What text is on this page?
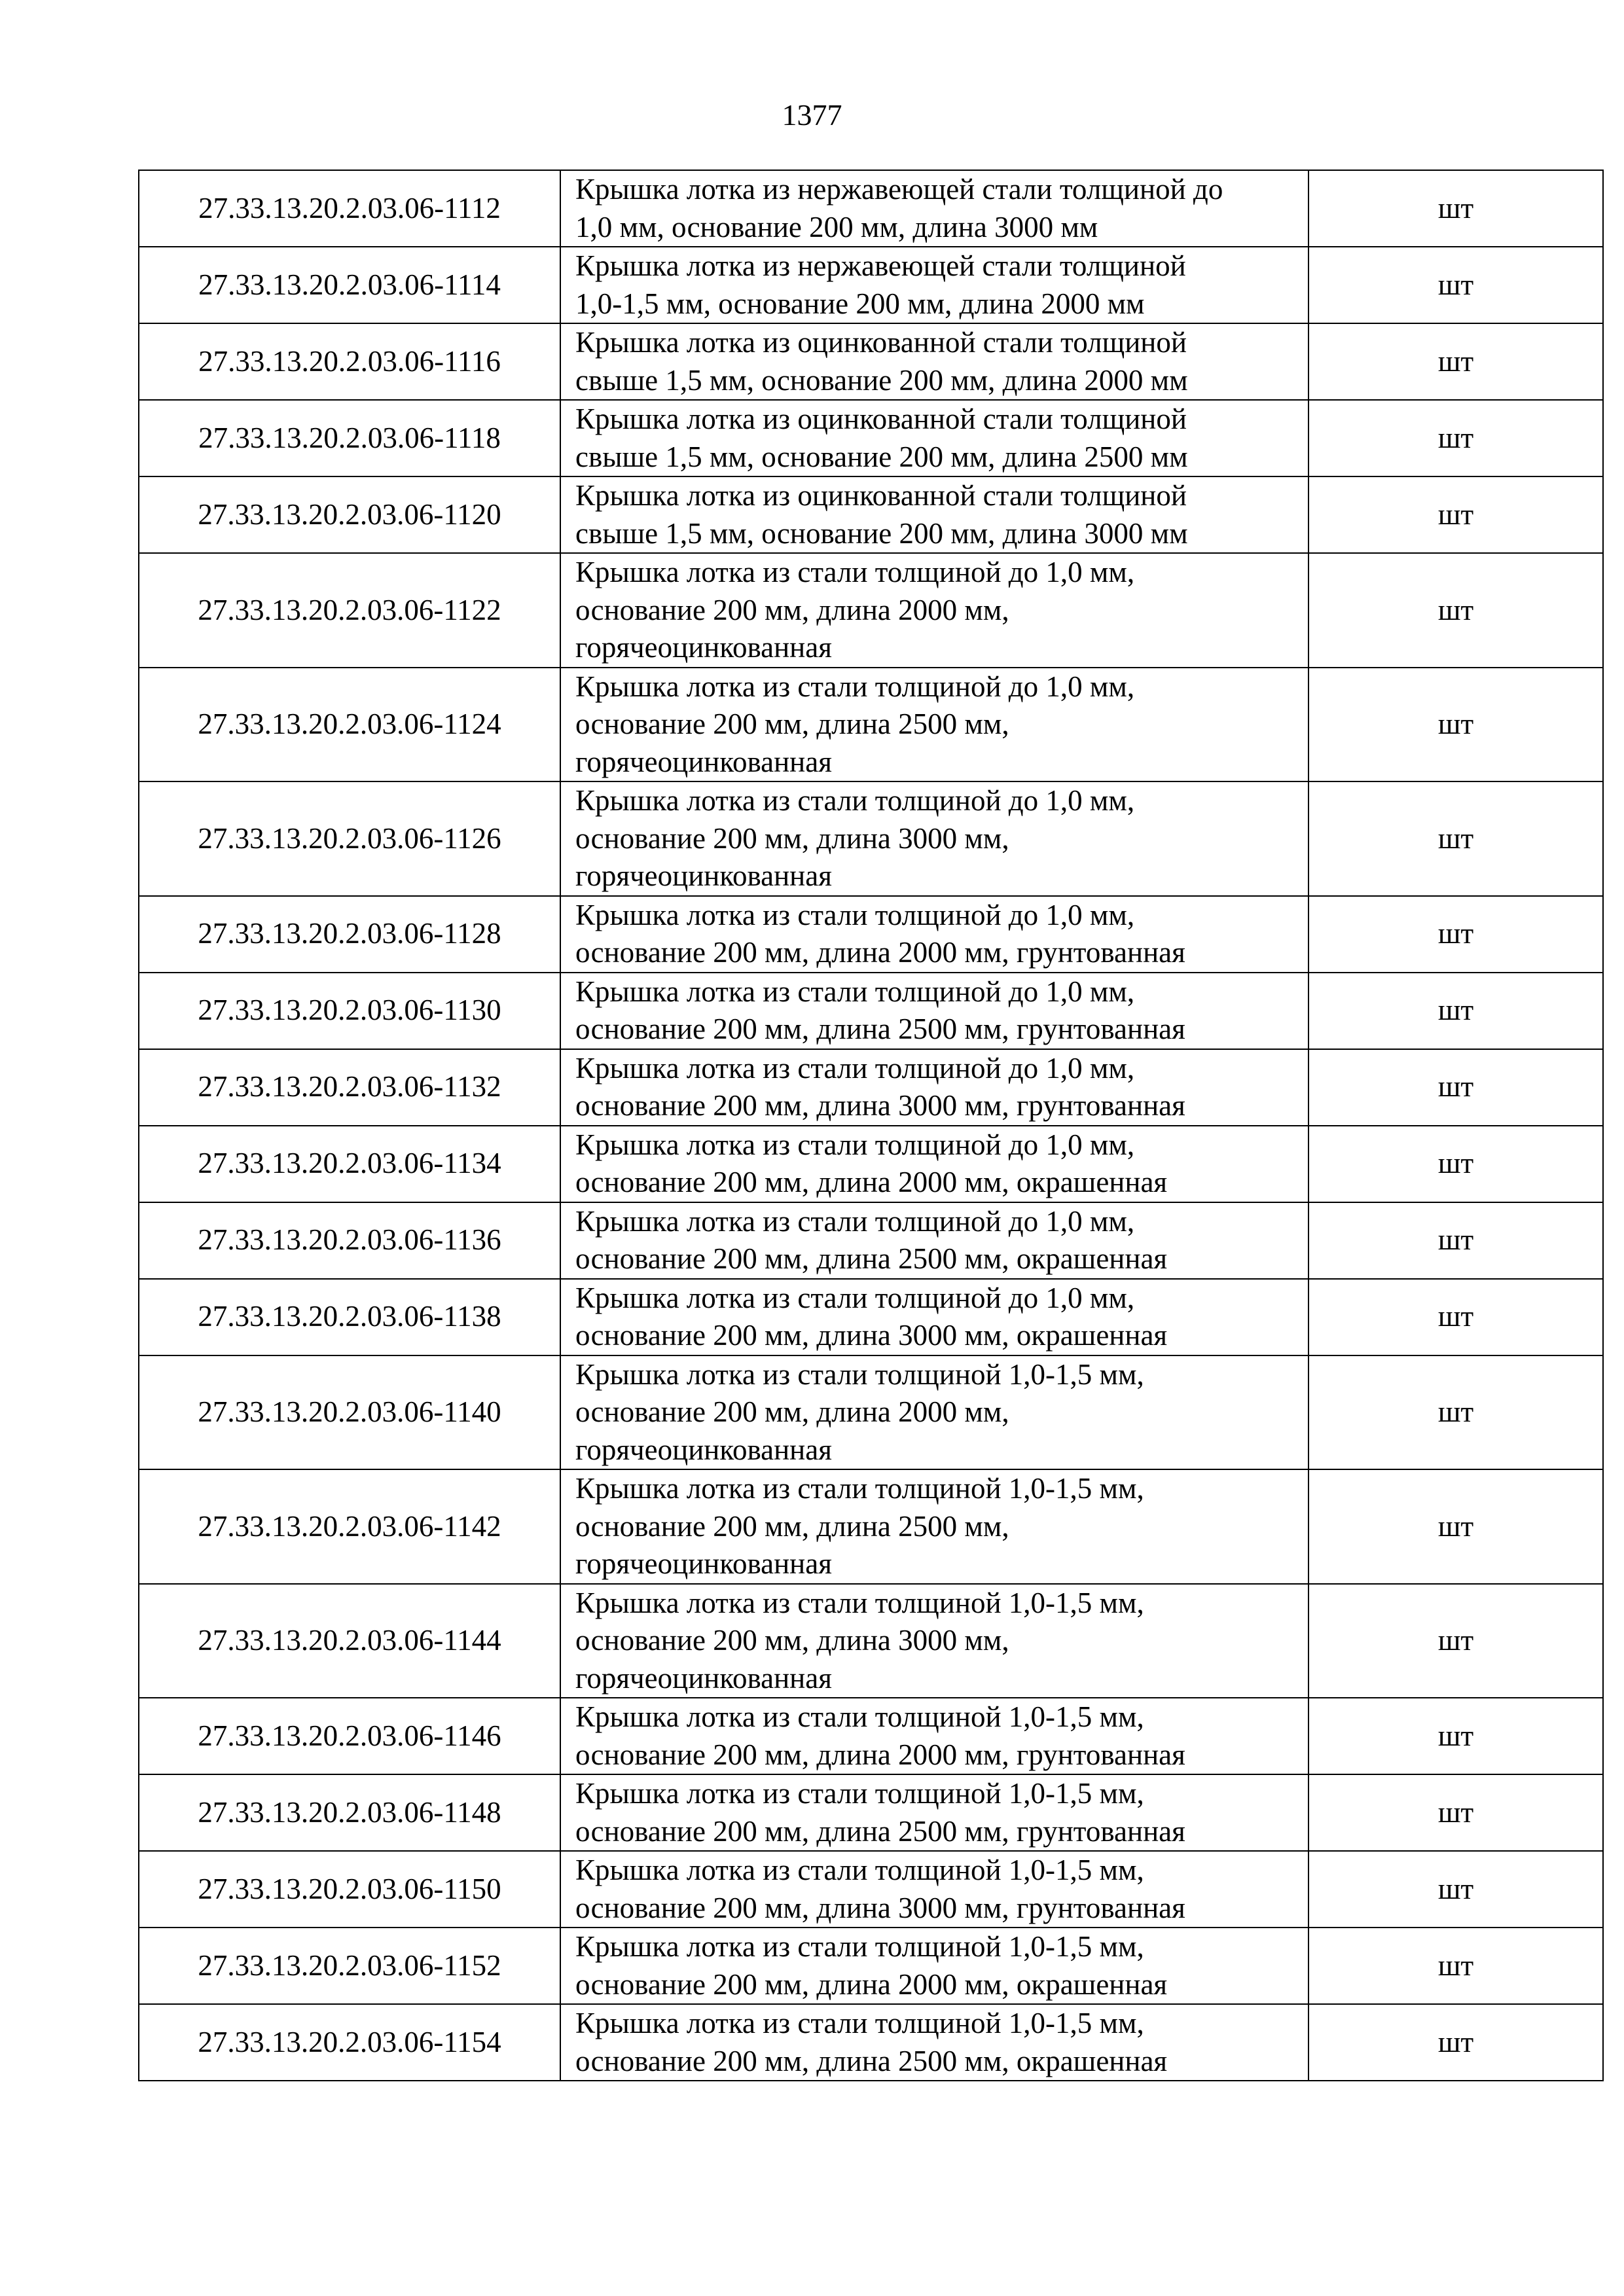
1377
27.33.13.20.2.03.06-1112	Крышка лотка из нержавеющей стали толщиной до
1,0 мм, основание 200 мм, длина 3000 мм	шт
27.33.13.20.2.03.06-1114	Крышка лотка из нержавеющей стали толщиной
1,0-1,5 мм, основание 200 мм, длина 2000 мм	шт
27.33.13.20.2.03.06-1116	Крышка лотка из оцинкованной стали толщиной
свыше 1,5 мм, основание 200 мм, длина 2000 мм	шт
27.33.13.20.2.03.06-1118	Крышка лотка из оцинкованной стали толщиной
свыше 1,5 мм, основание 200 мм, длина 2500 мм	шт
27.33.13.20.2.03.06-1120	Крышка лотка из оцинкованной стали толщиной
свыше 1,5 мм, основание 200 мм, длина 3000 мм	шт
27.33.13.20.2.03.06-1122	Крышка лотка из стали толщиной до 1,0 мм,
основание 200 мм, длина 2000 мм,
горячеоцинкованная	шт
27.33.13.20.2.03.06-1124	Крышка лотка из стали толщиной до 1,0 мм,
основание 200 мм, длина 2500 мм,
горячеоцинкованная	шт
27.33.13.20.2.03.06-1126	Крышка лотка из стали толщиной до 1,0 мм,
основание 200 мм, длина 3000 мм,
горячеоцинкованная	шт
27.33.13.20.2.03.06-1128	Крышка лотка из стали толщиной до 1,0 мм,
основание 200 мм, длина 2000 мм, грунтованная	шт
27.33.13.20.2.03.06-1130	Крышка лотка из стали толщиной до 1,0 мм,
основание 200 мм, длина 2500 мм, грунтованная	шт
27.33.13.20.2.03.06-1132	Крышка лотка из стали толщиной до 1,0 мм,
основание 200 мм, длина 3000 мм, грунтованная	шт
27.33.13.20.2.03.06-1134	Крышка лотка из стали толщиной до 1,0 мм,
основание 200 мм, длина 2000 мм, окрашенная	шт
27.33.13.20.2.03.06-1136	Крышка лотка из стали толщиной до 1,0 мм,
основание 200 мм, длина 2500 мм, окрашенная	шт
27.33.13.20.2.03.06-1138	Крышка лотка из стали толщиной до 1,0 мм,
основание 200 мм, длина 3000 мм, окрашенная	шт
27.33.13.20.2.03.06-1140	Крышка лотка из стали толщиной 1,0-1,5 мм,
основание 200 мм, длина 2000 мм,
горячеоцинкованная	шт
27.33.13.20.2.03.06-1142	Крышка лотка из стали толщиной 1,0-1,5 мм,
основание 200 мм, длина 2500 мм,
горячеоцинкованная	шт
27.33.13.20.2.03.06-1144	Крышка лотка из стали толщиной 1,0-1,5 мм,
основание 200 мм, длина 3000 мм,
горячеоцинкованная	шт
27.33.13.20.2.03.06-1146	Крышка лотка из стали толщиной 1,0-1,5 мм,
основание 200 мм, длина 2000 мм, грунтованная	шт
27.33.13.20.2.03.06-1148	Крышка лотка из стали толщиной 1,0-1,5 мм,
основание 200 мм, длина 2500 мм, грунтованная	шт
27.33.13.20.2.03.06-1150	Крышка лотка из стали толщиной 1,0-1,5 мм,
основание 200 мм, длина 3000 мм, грунтованная	шт
27.33.13.20.2.03.06-1152	Крышка лотка из стали толщиной 1,0-1,5 мм,
основание 200 мм, длина 2000 мм, окрашенная	шт
27.33.13.20.2.03.06-1154	Крышка лотка из стали толщиной 1,0-1,5 мм,
основание 200 мм, длина 2500 мм, окрашенная	шт
